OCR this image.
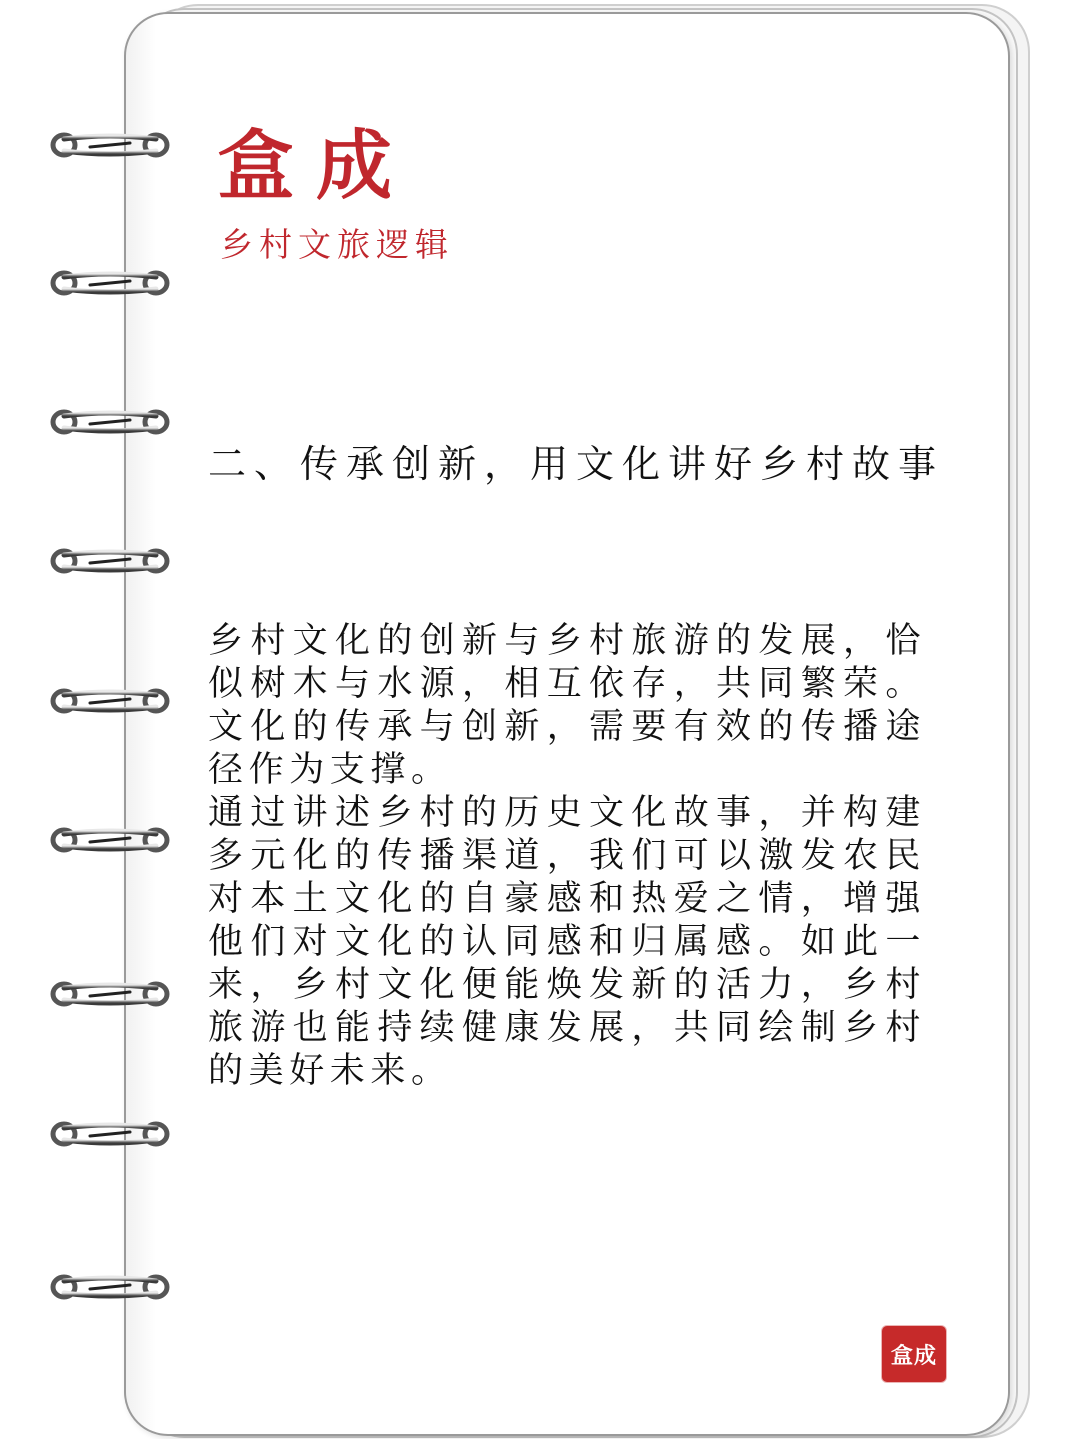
盒成
乡村文旅逻辑
二、传承创新，用文化讲好乡村故事
乡村文化的创新与乡村旅游的发展，恰似树木与水源，相互依存，共同繁荣。文化的传承与创新，需要有效的传播途径作为支撑。
通过讲述乡村的历史文化故事，并构建多元化的传播渠道，我们可以激发农民对本土文化的自豪感和热爱之情，增强他们对文化的认同感和归属感。如此一来，乡村文化便能焕发新的活力，乡村旅游也能持续健康发展，共同绘制乡村的美好未来。
盒成
